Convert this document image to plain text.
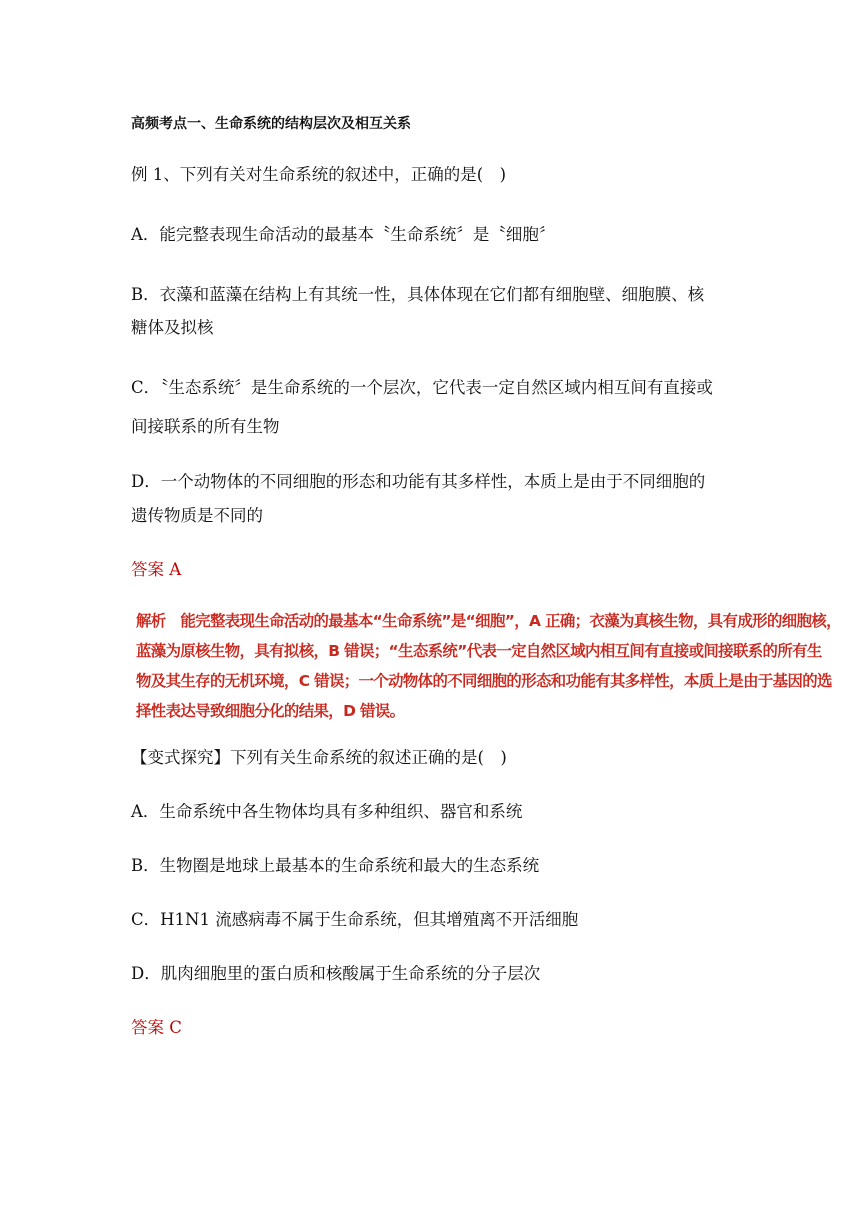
高频考点一、生命系统的结构层次及相互关系
例 1、下列有关对生命系统的叙述中，正确的是(　)
A．能完整表现生命活动的最基本〝生命系统〞是〝细胞〞
B．衣藻和蓝藻在结构上有其统一性，具体体现在它们都有细胞壁、细胞膜、核
糖体及拟核
C．〝生态系统〞是生命系统的一个层次，它代表一定自然区域内相互间有直接或
间接联系的所有生物
D．一个动物体的不同细胞的形态和功能有其多样性，本质上是由于不同细胞的
遗传物质是不同的
答案 A
解析　能完整表现生命活动的最基本“生命系统”是“细胞”，A 正确；衣藻为真核生物，具有成形的细胞核，
蓝藻为原核生物，具有拟核，B 错误；“生态系统”代表一定自然区域内相互间有直接或间接联系的所有生
物及其生存的无机环境，C 错误；一个动物体的不同细胞的形态和功能有其多样性，本质上是由于基因的选
择性表达导致细胞分化的结果，D 错误。
【变式探究】下列有关生命系统的叙述正确的是(　)
A．生命系统中各生物体均具有多种组织、器官和系统
B．生物圈是地球上最基本的生命系统和最大的生态系统
C．H1N1 流感病毒不属于生命系统，但其增殖离不开活细胞
D．肌肉细胞里的蛋白质和核酸属于生命系统的分子层次
答案 C
